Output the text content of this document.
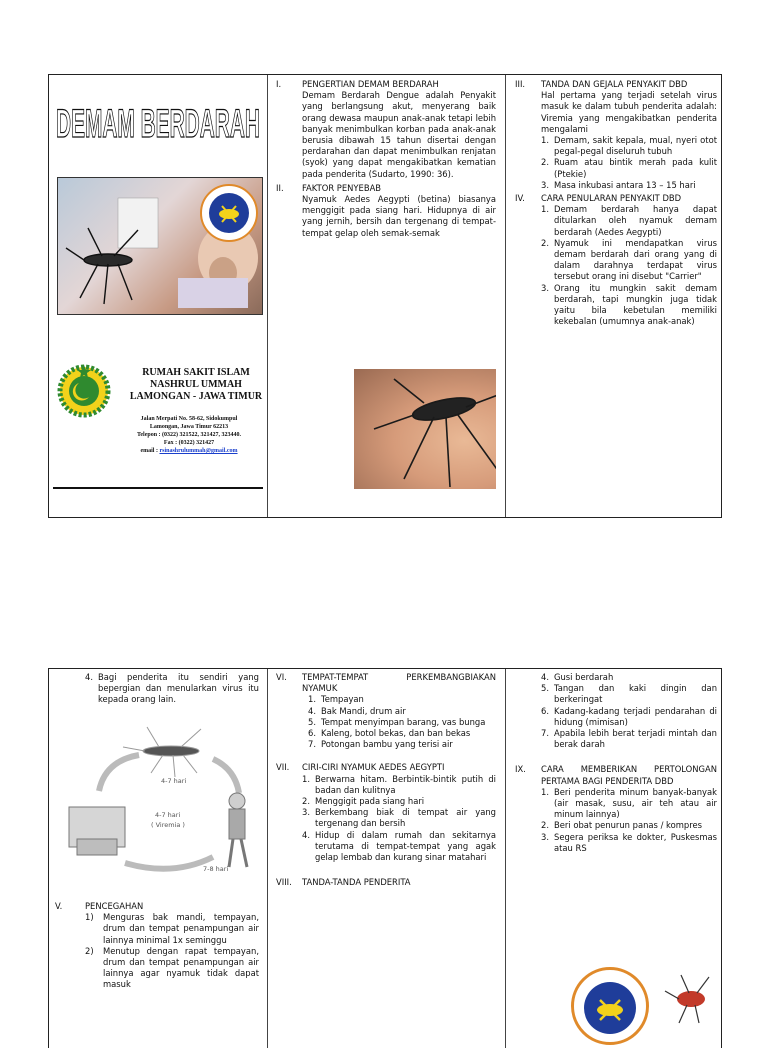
DEMAM BERDARAH
RUMAH SAKIT ISLAM
NASHRUL UMMAH
LAMONGAN - JAWA TIMUR
Jalan Merpati No. 58-62, Sidokumpul
Lamongan, Jawa Timur 62213
Telepon : (0322) 321522, 321427, 323440.
Fax : (0322) 321427
email : rsinashrulummah@gmail.com
I.	PENGERTIAN DEMAM BERDARAH
Demam Berdarah Dengue adalah Penyakit yang berlangsung akut, menyerang baik orang dewasa maupun anak-anak tetapi lebih banyak menimbulkan korban pada anak-anak berusia dibawah 15 tahun disertai dengan perdarahan dan dapat menimbulkan renjatan (syok) yang dapat mengakibatkan kematian pada penderita (Sudarto, 1990: 36).
II.	FAKTOR PENYEBAB
Nyamuk Aedes Aegypti (betina) biasanya menggigit pada siang hari. Hidupnya di air yang jernih, bersih dan tergenang di tempat-tempat gelap oleh semak-semak
III.	TANDA DAN GEJALA PENYAKIT DBD
Hal pertama yang terjadi setelah virus masuk ke dalam tubuh penderita adalah: Viremia yang mengakibatkan penderita mengalami
1. Demam, sakit kepala, mual, nyeri otot pegal-pegal diseluruh tubuh
2. Ruam atau bintik merah pada kulit (Ptekie)
3. Masa inkubasi antara 13 – 15 hari
IV.	CARA PENULARAN PENYAKIT DBD
1. Demam berdarah hanya dapat ditularkan oleh nyamuk demam berdarah (Aedes Aegypti)
2. Nyamuk ini mendapatkan virus demam berdarah dari orang yang di dalam darahnya terdapat virus tersebut orang ini disebut "Carrier"
3. Orang itu mungkin sakit demam berdarah, tapi mungkin juga tidak yaitu bila kebetulan memiliki kekebalan (umumnya anak-anak)
4. Bagi penderita itu sendiri yang bepergian dan menularkan virus itu kepada orang lain.
4-7 hari
4-7 hari
( Viremia )
7-8 hari
V.	PENCEGAHAN
1)	Menguras bak mandi, tempayan, drum dan tempat penampungan air lainnya minimal 1x seminggu
2)	Menutup dengan rapat tempayan, drum dan tempat penampungan air lainnya agar nyamuk tidak dapat masuk
VI.	TEMPAT-TEMPAT PERKEMBANGBIAKAN NYAMUK
1. Tempayan
4. Bak Mandi, drum air
5. Tempat menyimpan barang, vas bunga
6. Kaleng, botol bekas, dan ban bekas
7. Potongan bambu yang terisi air
VII.	CIRI-CIRI NYAMUK AEDES AEGYPTI
1. Berwarna hitam. Berbintik-bintik putih di badan dan kulitnya
2. Menggigit pada siang hari
3. Berkembang biak di tempat air yang tergenang dan bersih
4. Hidup di dalam rumah dan sekitarnya terutama di tempat-tempat yang agak gelap lembab dan kurang sinar matahari
VIII.	TANDA-TANDA PENDERITA
4. Gusi berdarah
5. Tangan dan kaki dingin dan berkeringat
6. Kadang-kadang terjadi pendarahan di hidung (mimisan)
7. Apabila lebih berat terjadi mintah dan berak darah
IX.	CARA MEMBERIKAN PERTOLONGAN PERTAMA BAGI PENDERITA DBD
1. Beri penderita minum banyak-banyak (air masak, susu, air teh atau air minum lainnya)
2. Beri obat penurun panas / kompres
3. Segera periksa ke dokter, Puskesmas atau RS
